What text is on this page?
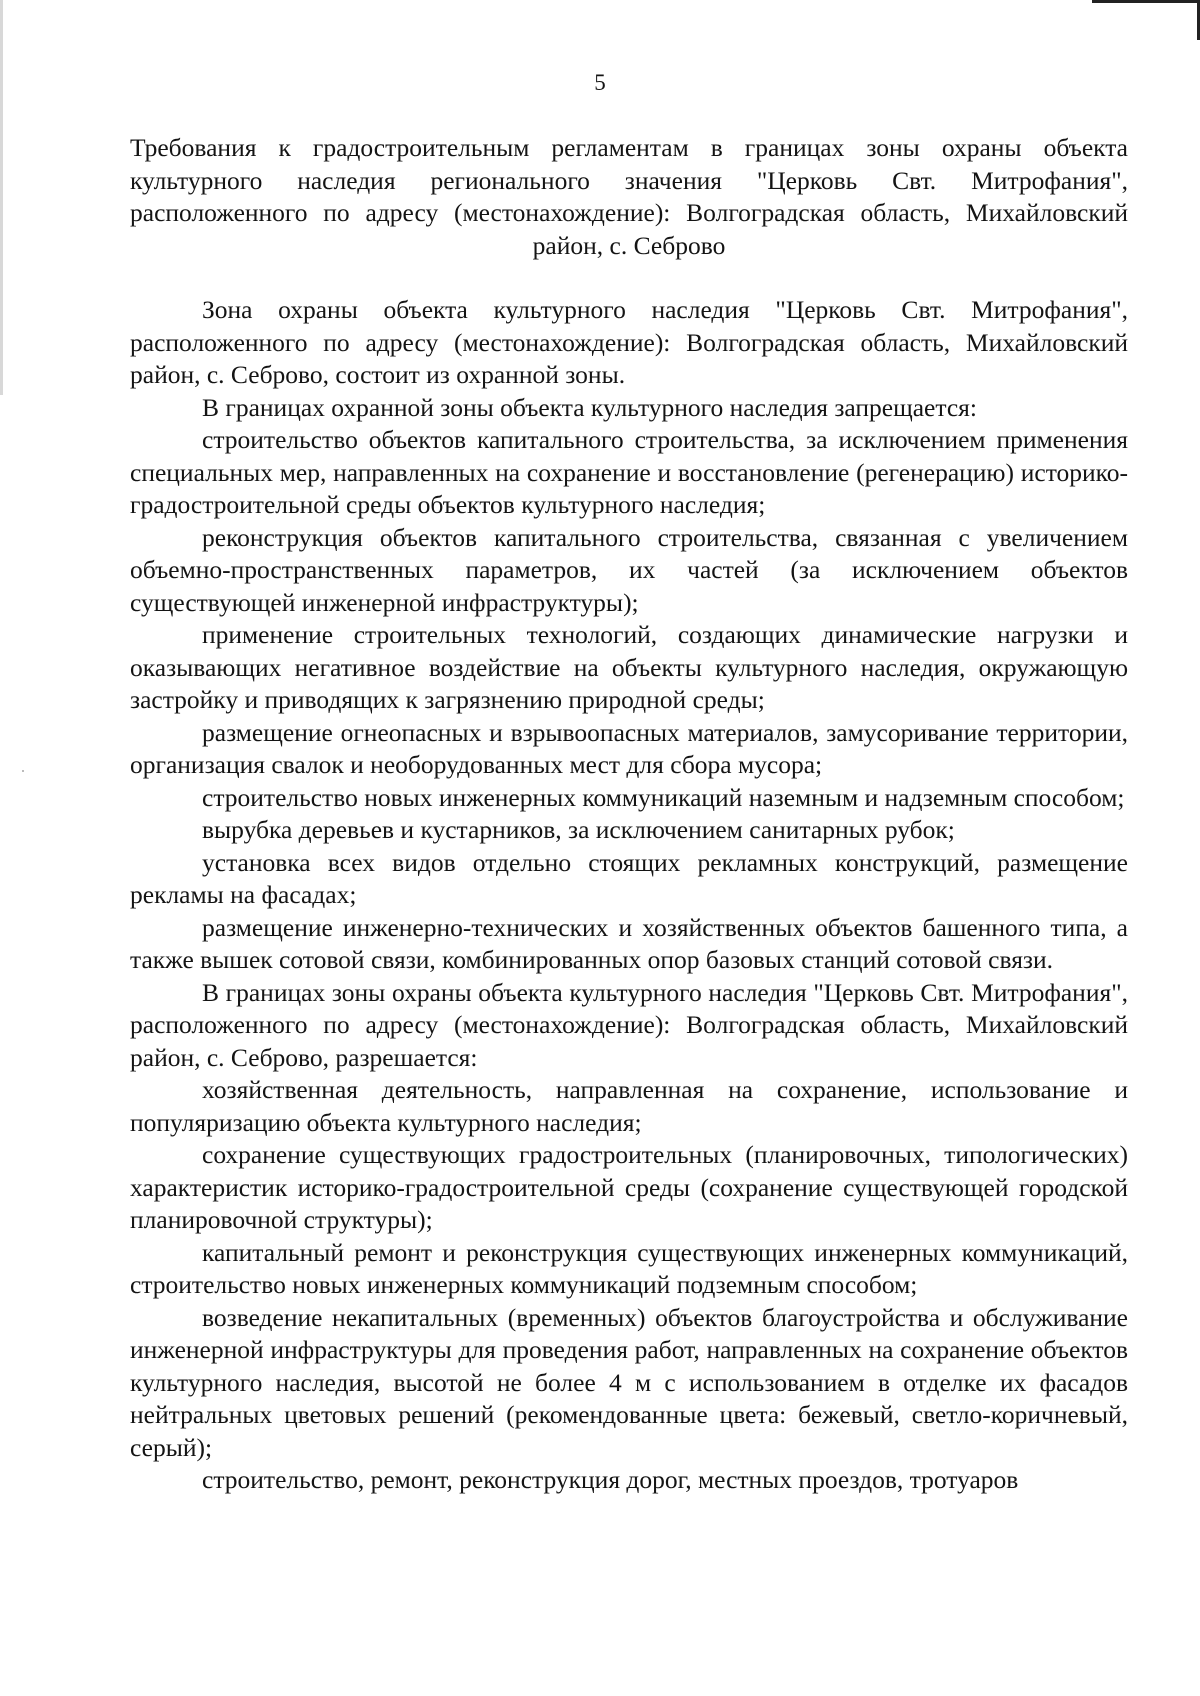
5

Требования к градостроительным регламентам в границах зоны охраны объекта культурного наследия регионального значения "Церковь Свт. Митрофания", расположенного по адресу (местонахождение): Волгоградская область, Михайловский район, с. Себрово

Зона охраны объекта культурного наследия "Церковь Свт. Митрофания", расположенного по адресу (местонахождение): Волгоградская область, Михайловский район, с. Себрово, состоит из охранной зоны.

В границах охранной зоны объекта культурного наследия запрещается:

строительство объектов капитального строительства, за исключением применения специальных мер, направленных на сохранение и восстановление (регенерацию) историко-градостроительной среды объектов культурного наследия;

реконструкция объектов капитального строительства, связанная с увеличением объемно-пространственных параметров, их частей (за исключением объектов существующей инженерной инфраструктуры);

применение строительных технологий, создающих динамические нагрузки и оказывающих негативное воздействие на объекты культурного наследия, окружающую застройку и приводящих к загрязнению природной среды;

размещение огнеопасных и взрывоопасных материалов, замусоривание территории, организация свалок и необорудованных мест для сбора мусора;

строительство новых инженерных коммуникаций наземным и надземным способом;

вырубка деревьев и кустарников, за исключением санитарных рубок;

установка всех видов отдельно стоящих рекламных конструкций, размещение рекламы на фасадах;

размещение инженерно-технических и хозяйственных объектов башенного типа, а также вышек сотовой связи, комбинированных опор базовых станций сотовой связи.

В границах зоны охраны объекта культурного наследия "Церковь Свт. Митрофания", расположенного по адресу (местонахождение): Волгоградская область, Михайловский район, с. Себрово, разрешается:

хозяйственная деятельность, направленная на сохранение, использование и популяризацию объекта культурного наследия;

сохранение существующих градостроительных (планировочных, типологических) характеристик историко-градостроительной среды (сохранение существующей городской планировочной структуры);

капитальный ремонт и реконструкция существующих инженерных коммуникаций, строительство новых инженерных коммуникаций подземным способом;

возведение некапитальных (временных) объектов благоустройства и обслуживание инженерной инфраструктуры для проведения работ, направленных на сохранение объектов культурного наследия, высотой не более 4 м с использованием в отделке их фасадов нейтральных цветовых решений (рекомендованные цвета: бежевый, светло-коричневый, серый);

строительство, ремонт, реконструкция дорог, местных проездов, тротуаров
